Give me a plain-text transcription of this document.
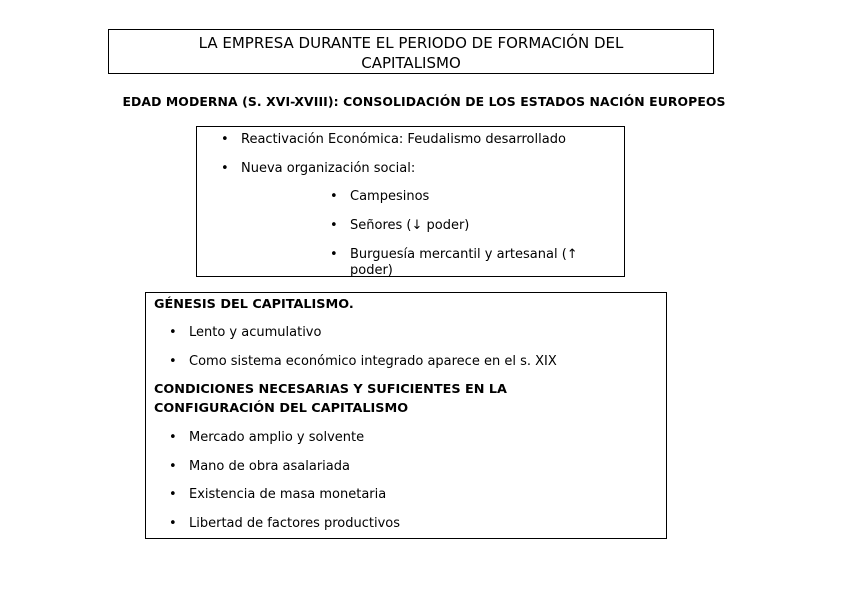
LA EMPRESA DURANTE EL PERIODO DE FORMACIÓN DEL
CAPITALISMO
EDAD MODERNA (S. XVI-XVIII): CONSOLIDACIÓN DE LOS ESTADOS NACIÓN EUROPEOS
• Reactivación Económica: Feudalismo desarrollado
• Nueva organización social:
• Campesinos
• Señores (↓ poder)
• Burguesía mercantil y artesanal (↑ poder)
GÉNESIS DEL CAPITALISMO.
• Lento y acumulativo
• Como sistema económico integrado aparece en el s. XIX
CONDICIONES NECESARIAS Y SUFICIENTES EN LA
CONFIGURACIÓN DEL CAPITALISMO
• Mercado amplio y solvente
• Mano de obra asalariada
• Existencia de masa monetaria
• Libertad de factores productivos
